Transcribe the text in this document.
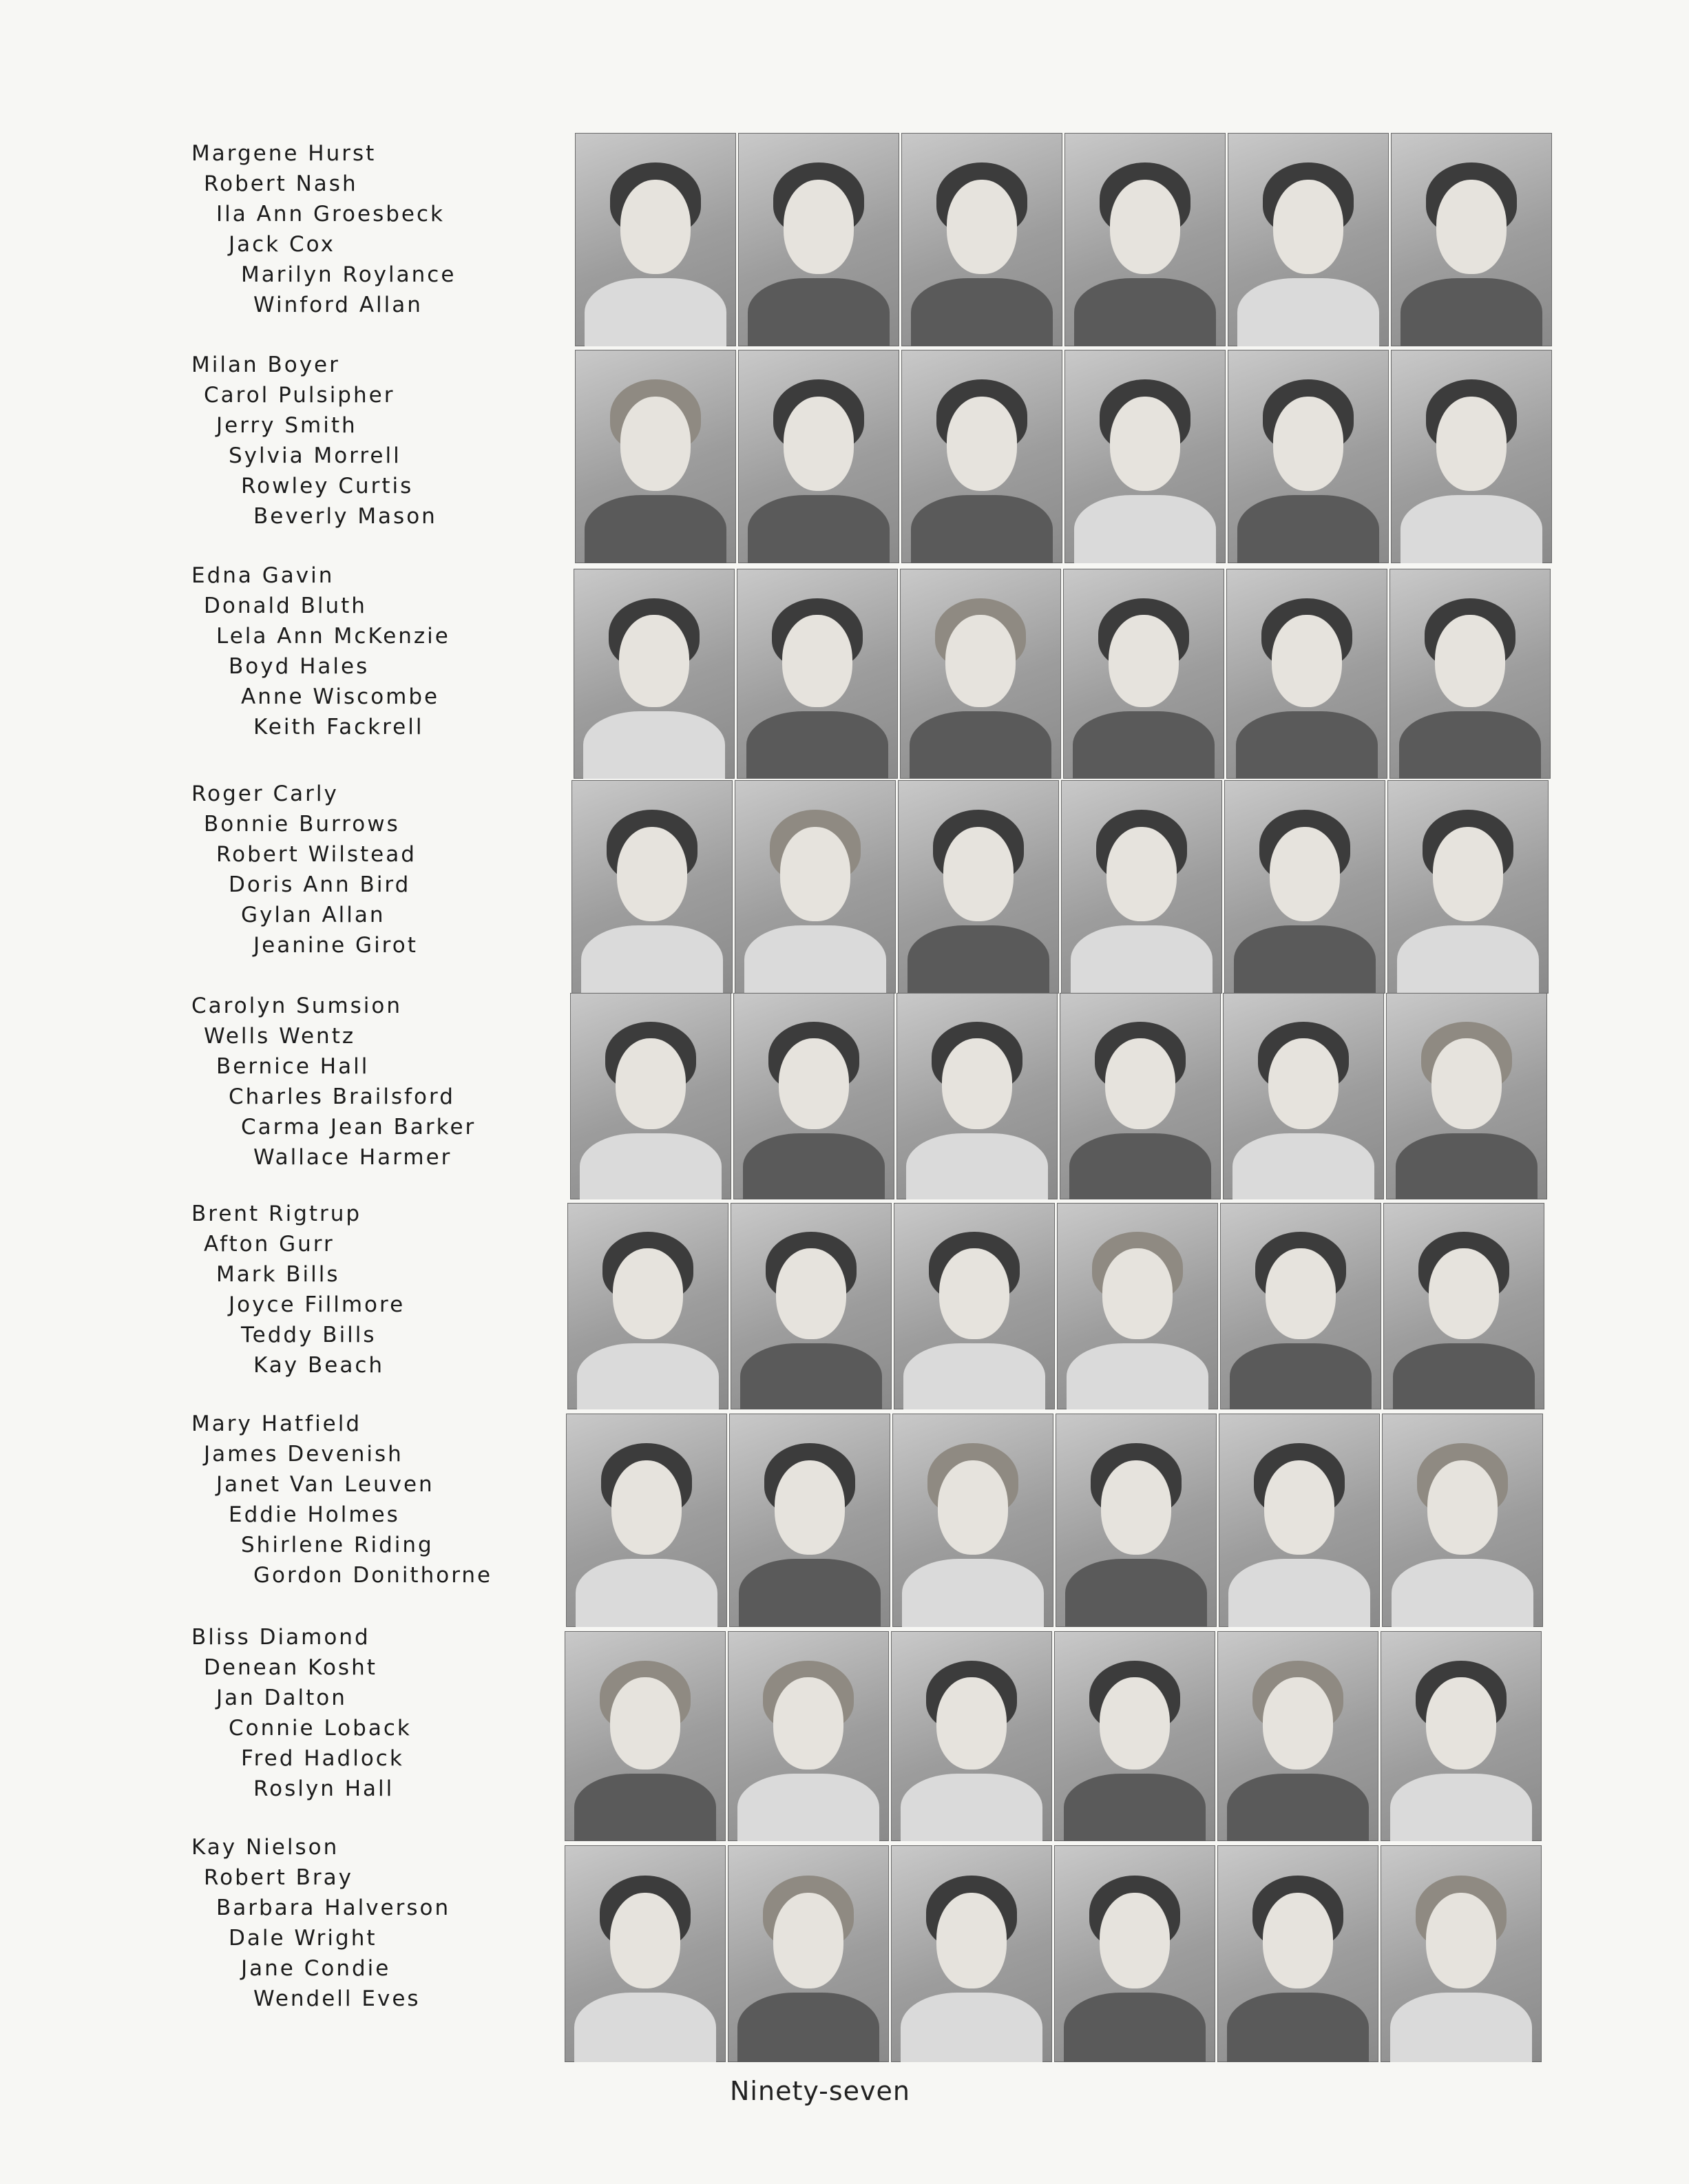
Margene Hurst
Robert Nash
Ila Ann Groesbeck
Jack Cox
Marilyn Roylance
Winford Allan
Milan Boyer
Carol Pulsipher
Jerry Smith
Sylvia Morrell
Rowley Curtis
Beverly Mason
Edna Gavin
Donald Bluth
Lela Ann McKenzie
Boyd Hales
Anne Wiscombe
Keith Fackrell
Roger Carly
Bonnie Burrows
Robert Wilstead
Doris Ann Bird
Gylan Allan
Jeanine Girot
Carolyn Sumsion
Wells Wentz
Bernice Hall
Charles Brailsford
Carma Jean Barker
Wallace Harmer
Brent Rigtrup
Afton Gurr
Mark Bills
Joyce Fillmore
Teddy Bills
Kay Beach
Mary Hatfield
James Devenish
Janet Van Leuven
Eddie Holmes
Shirlene Riding
Gordon Donithorne
Bliss Diamond
Denean Kosht
Jan Dalton
Connie Loback
Fred Hadlock
Roslyn Hall
Kay Nielson
Robert Bray
Barbara Halverson
Dale Wright
Jane Condie
Wendell Eves
Ninety-seven
